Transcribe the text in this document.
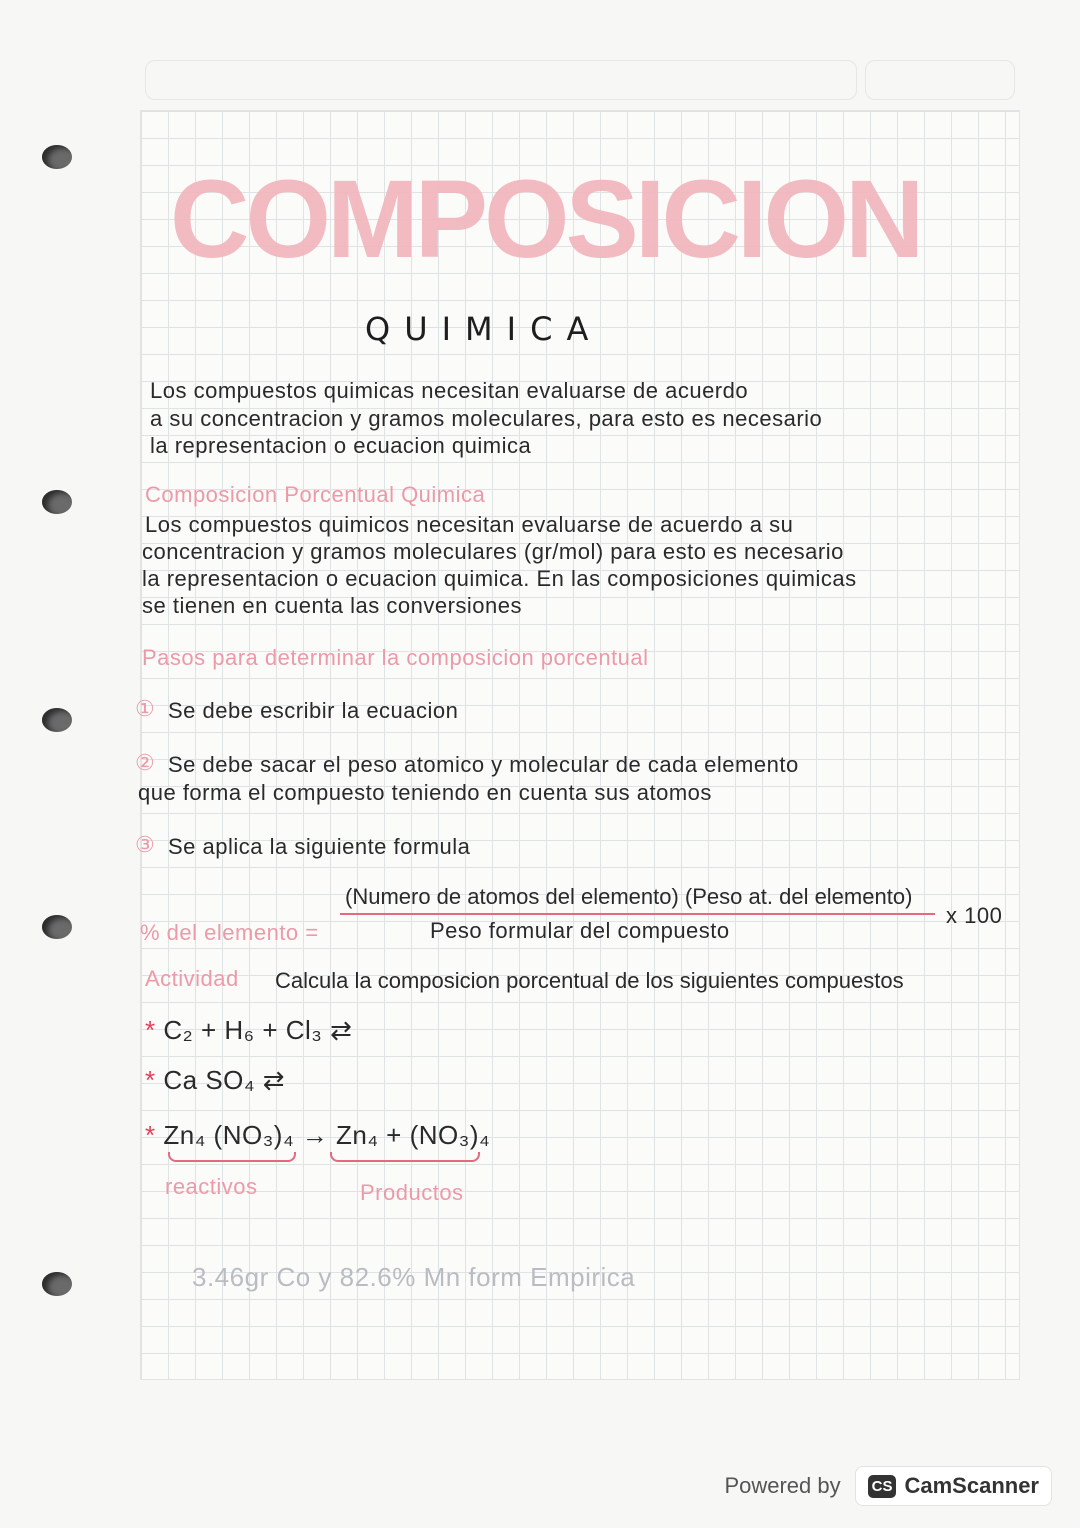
COMPOSICION
QUIMICA
Los compuestos quimicas necesitan evaluarse de acuerdo
a su concentracion y gramos moleculares, para esto es necesario
la representacion o ecuacion quimica
Composicion Porcentual Quimica
Los compuestos quimicos necesitan evaluarse de acuerdo a su
concentracion y gramos moleculares (gr/mol) para esto es necesario
la representacion o ecuacion quimica. En las composiciones quimicas
se tienen en cuenta las conversiones
Pasos para determinar la composicion porcentual
① Se debe escribir la ecuacion
② Se debe sacar el peso atomico y molecular de cada elemento
que forma el compuesto teniendo en cuenta sus atomos
③ Se aplica la siguiente formula
% del elemento =
(Numero de atomos del elemento) (Peso at. del elemento)
Peso formular del compuesto
x 100
Actividad Calcula la composicion porcentual de los siguientes compuestos
* C₂ + H₆ + Cl₃ ⇄
* Ca SO₄ ⇄
* Zn₄ (NO₃)₄ → Zn₄ + (NO₃)₄
reactivos	Productos
3.46gr Co y 82.6% Mn form Empirica
Powered by CS CamScanner
